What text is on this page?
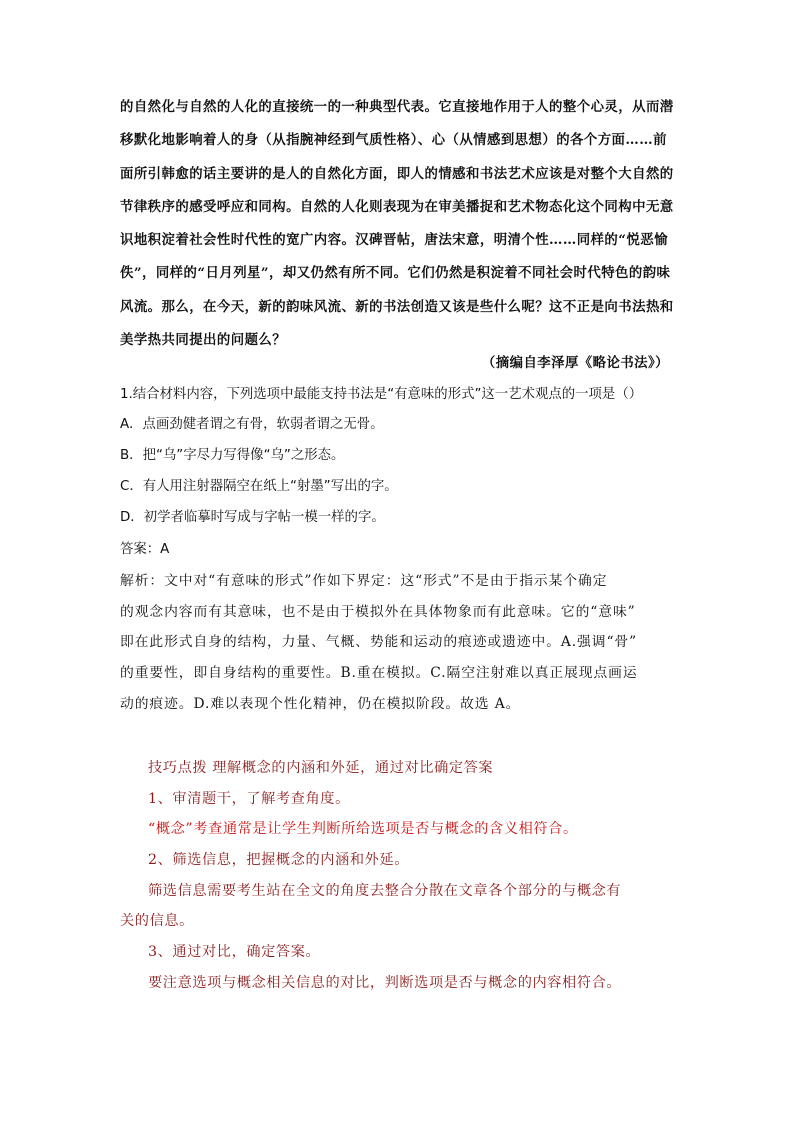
的自然化与自然的人化的直接统一的一种典型代表。它直接地作用于人的整个心灵，从而潜
移默化地影响着人的身（从指腕神经到气质性格）、心（从情感到思想）的各个方面……前
面所引韩愈的话主要讲的是人的自然化方面，即人的情感和书法艺术应该是对整个大自然的
节律秩序的感受呼应和同构。自然的人化则表现为在审美播捉和艺术物态化这个同构中无意
识地积淀着社会性时代性的宽广内容。汉碑晋帖，唐法宋意，明清个性……同样的“悦恶愉
佚”，同样的“日月列星”，却又仍然有所不同。它们仍然是积淀着不同社会时代特色的韵味
风流。那么，在今天，新的韵味风流、新的书法创造又该是些什么呢？这不正是向书法热和
美学热共同提出的问题么？
（摘编自李泽厚《略论书法》）
1.结合材料内容，下列选项中最能支持书法是“有意味的形式”这一艺术观点的一项是（）
A．点画劲健者谓之有骨，软弱者谓之无骨。
B．把“乌”字尽力写得像“乌”之形态。
C．有人用注射器隔空在纸上“射墨”写出的字。
D．初学者临摹时写成与字帖一模一样的字。
答案：A
解析：文中对“有意味的形式”作如下界定：这“形式”不是由于指示某个确定
的观念内容而有其意味，也不是由于模拟外在具体物象而有此意味。它的“意味”
即在此形式自身的结构，力量、气概、势能和运动的痕迹或遗迹中。A.强调“骨”
的重要性，即自身结构的重要性。B.重在模拟。C.隔空注射难以真正展现点画运
动的痕迹。D.难以表现个性化精神，仍在模拟阶段。故选 A。
技巧点拨 理解概念的内涵和外延，通过对比确定答案
1、审清题干，了解考查角度。
“概念”考查通常是让学生判断所给选项是否与概念的含义相符合。
2、筛选信息，把握概念的内涵和外延。
筛选信息需要考生站在全文的角度去整合分散在文章各个部分的与概念有
关的信息。
3、通过对比，确定答案。
要注意选项与概念相关信息的对比，判断选项是否与概念的内容相符合。
